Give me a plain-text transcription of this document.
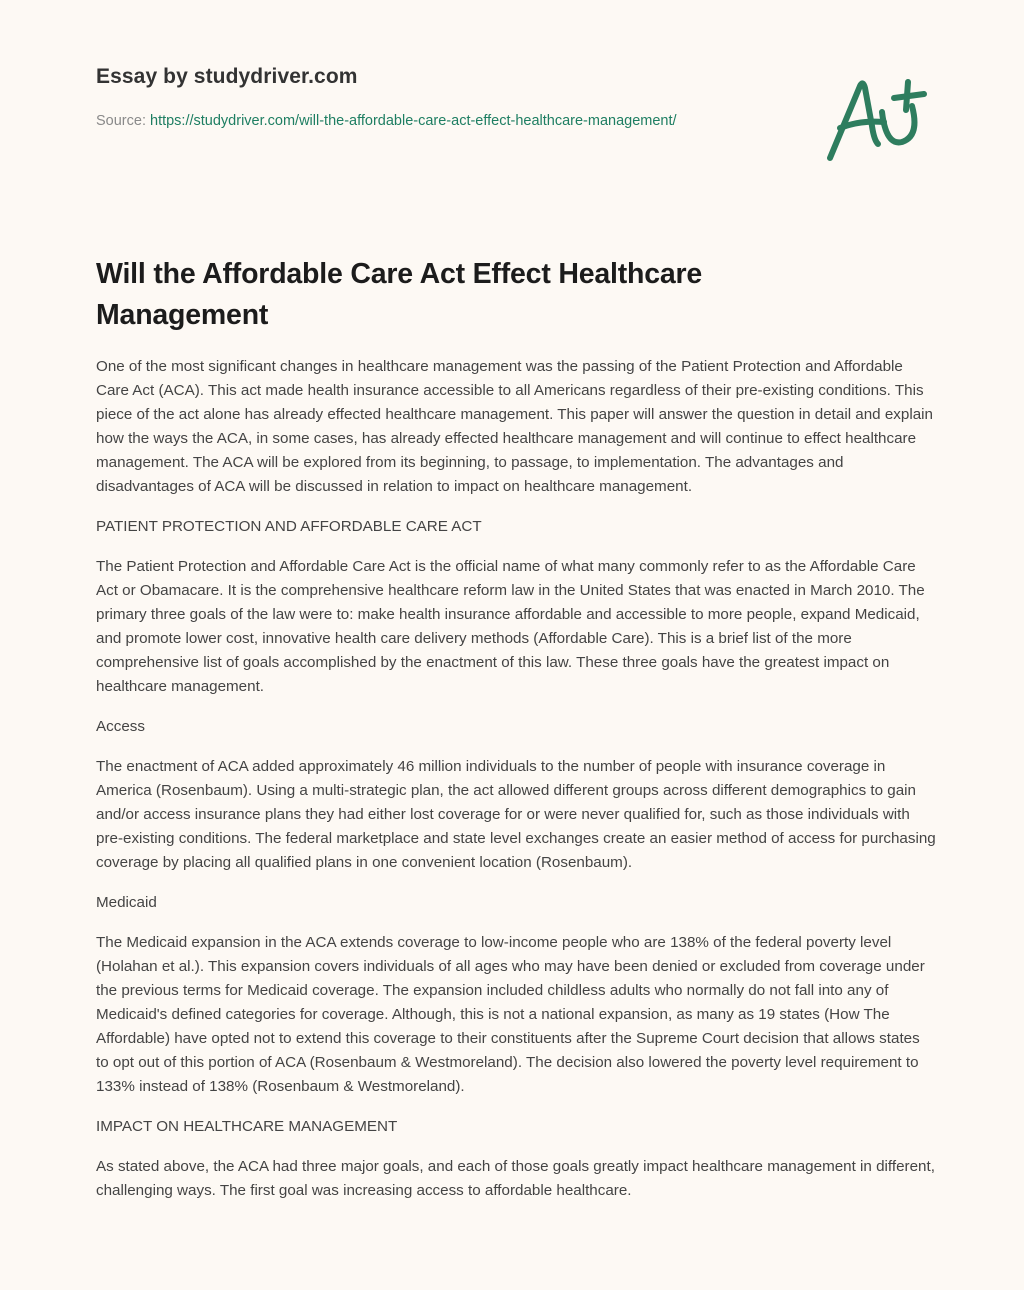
Essay by studydriver.com
Source: https://studydriver.com/will-the-affordable-care-act-effect-healthcare-management/
Will the Affordable Care Act Effect Healthcare Management

One of the most significant changes in healthcare management was the passing of the Patient Protection and Affordable Care Act (ACA). This act made health insurance accessible to all Americans regardless of their pre-existing conditions. This piece of the act alone has already effected healthcare management. This paper will answer the question in detail and explain how the ways the ACA, in some cases, has already effected healthcare management and will continue to effect healthcare management. The ACA will be explored from its beginning, to passage, to implementation. The advantages and disadvantages of ACA will be discussed in relation to impact on healthcare management.

PATIENT PROTECTION AND AFFORDABLE CARE ACT

The Patient Protection and Affordable Care Act is the official name of what many commonly refer to as the Affordable Care Act or Obamacare. It is the comprehensive healthcare reform law in the United States that was enacted in March 2010. The primary three goals of the law were to: make health insurance affordable and accessible to more people, expand Medicaid, and promote lower cost, innovative health care delivery methods (Affordable Care). This is a brief list of the more comprehensive list of goals accomplished by the enactment of this law. These three goals have the greatest impact on healthcare management.

Access

The enactment of ACA added approximately 46 million individuals to the number of people with insurance coverage in America (Rosenbaum). Using a multi-strategic plan, the act allowed different groups across different demographics to gain and/or access insurance plans they had either lost coverage for or were never qualified for, such as those individuals with pre-existing conditions. The federal marketplace and state level exchanges create an easier method of access for purchasing coverage by placing all qualified plans in one convenient location (Rosenbaum).

Medicaid

The Medicaid expansion in the ACA extends coverage to low-income people who are 138% of the federal poverty level (Holahan et al.). This expansion covers individuals of all ages who may have been denied or excluded from coverage under the previous terms for Medicaid coverage. The expansion included childless adults who normally do not fall into any of Medicaid's defined categories for coverage. Although, this is not a national expansion, as many as 19 states (How The Affordable) have opted not to extend this coverage to their constituents after the Supreme Court decision that allows states to opt out of this portion of ACA (Rosenbaum & Westmoreland). The decision also lowered the poverty level requirement to 133% instead of 138% (Rosenbaum & Westmoreland).

IMPACT ON HEALTHCARE MANAGEMENT

As stated above, the ACA had three major goals, and each of those goals greatly impact healthcare management in different, challenging ways. The first goal was increasing access to affordable healthcare.
